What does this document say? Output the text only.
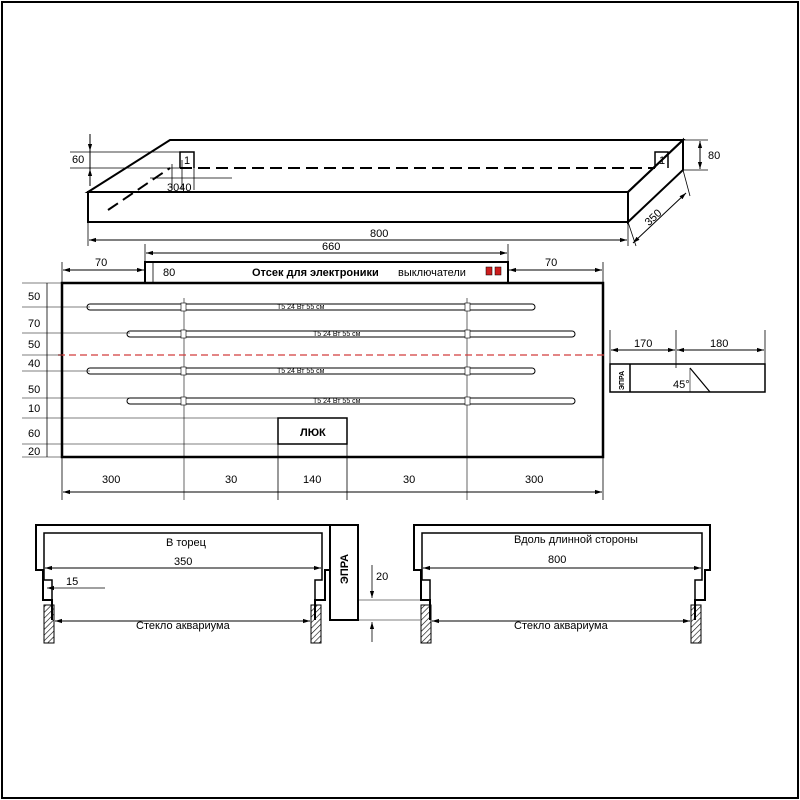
60	1	1
3040
80
350
800
70	70
660
80	Отсек для электроники выключатели
ЛЮК
T5 24 Вт 55 см
T5 24 Вт 55 см
T5 24 Вт 55 см
T5 24 Вт 55 см
50
70
50
40
50
10
60
20
300	30	140	30	300
170	180
45°
ЭПРА
В торец
350
15
Стекло аквариума
ЭПРА 20
Вдоль длинной стороны
800
Стекло аквариума
